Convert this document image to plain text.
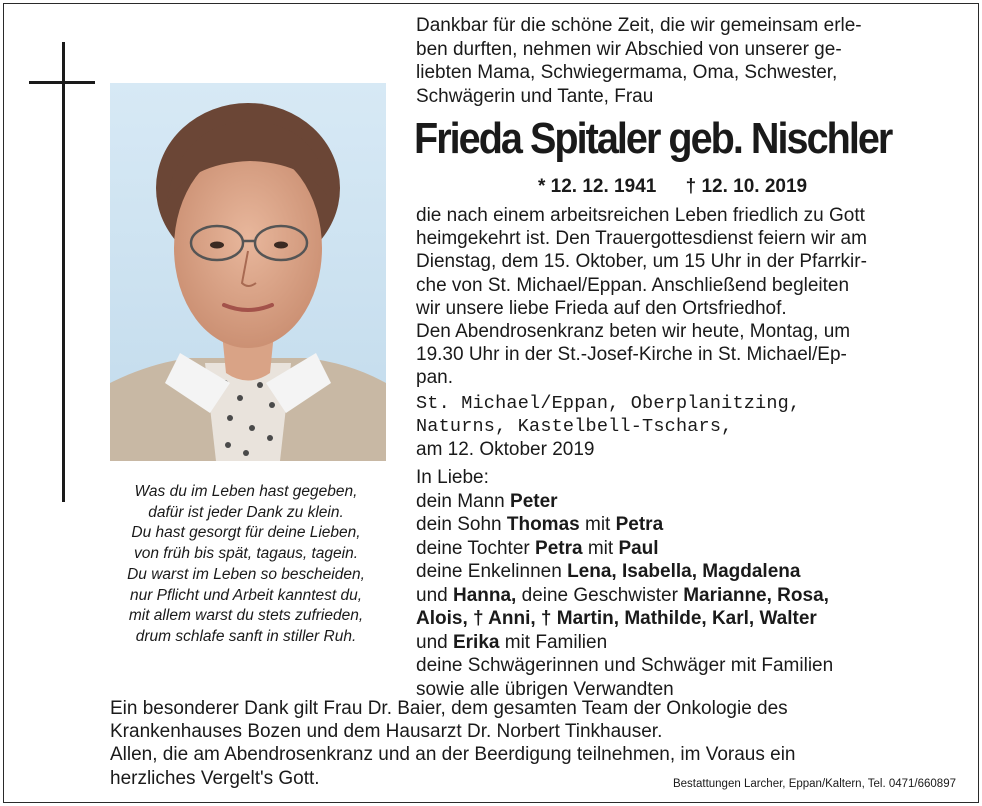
Was du im Leben hast gegeben,
dafür ist jeder Dank zu klein.
Du hast gesorgt für deine Lieben,
von früh bis spät, tagaus, tagein.
Du warst im Leben so bescheiden,
nur Pflicht und Arbeit kanntest du,
mit allem warst du stets zufrieden,
drum schlafe sanft in stiller Ruh.
Dankbar für die schöne Zeit, die wir gemeinsam erle-
ben durften, nehmen wir Abschied von unserer ge-
liebten Mama, Schwiegermama, Oma, Schwester,
Schwägerin und Tante, Frau
Frieda Spitaler geb. Nischler
* 12. 12. 1941 † 12. 10. 2019
die nach einem arbeitsreichen Leben friedlich zu Gott
heimgekehrt ist. Den Trauergottesdienst feiern wir am
Dienstag, dem 15. Oktober, um 15 Uhr in der Pfarrkir-
che von St. Michael/Eppan. Anschließend begleiten
wir unsere liebe Frieda auf den Ortsfriedhof.
Den Abendrosenkranz beten wir heute, Montag, um
19.30 Uhr in der St.-Josef-Kirche in St. Michael/Ep-
pan.
St. Michael/Eppan, Oberplanitzing,
Naturns, Kastelbell-Tschars,
am 12. Oktober 2019
In Liebe:
dein Mann Peter
dein Sohn Thomas mit Petra
deine Tochter Petra mit Paul
deine Enkelinnen Lena, Isabella, Magdalena
und Hanna, deine Geschwister Marianne, Rosa,
Alois, † Anni, † Martin, Mathilde, Karl, Walter
und Erika mit Familien
deine Schwägerinnen und Schwäger mit Familien
sowie alle übrigen Verwandten
Ein besonderer Dank gilt Frau Dr. Baier, dem gesamten Team der Onkologie des
Krankenhauses Bozen und dem Hausarzt Dr. Norbert Tinkhauser.
Allen, die am Abendrosenkranz und an der Beerdigung teilnehmen, im Voraus ein
herzliches Vergelt's Gott.	Bestattungen Larcher, Eppan/Kaltern, Tel. 0471/660897
